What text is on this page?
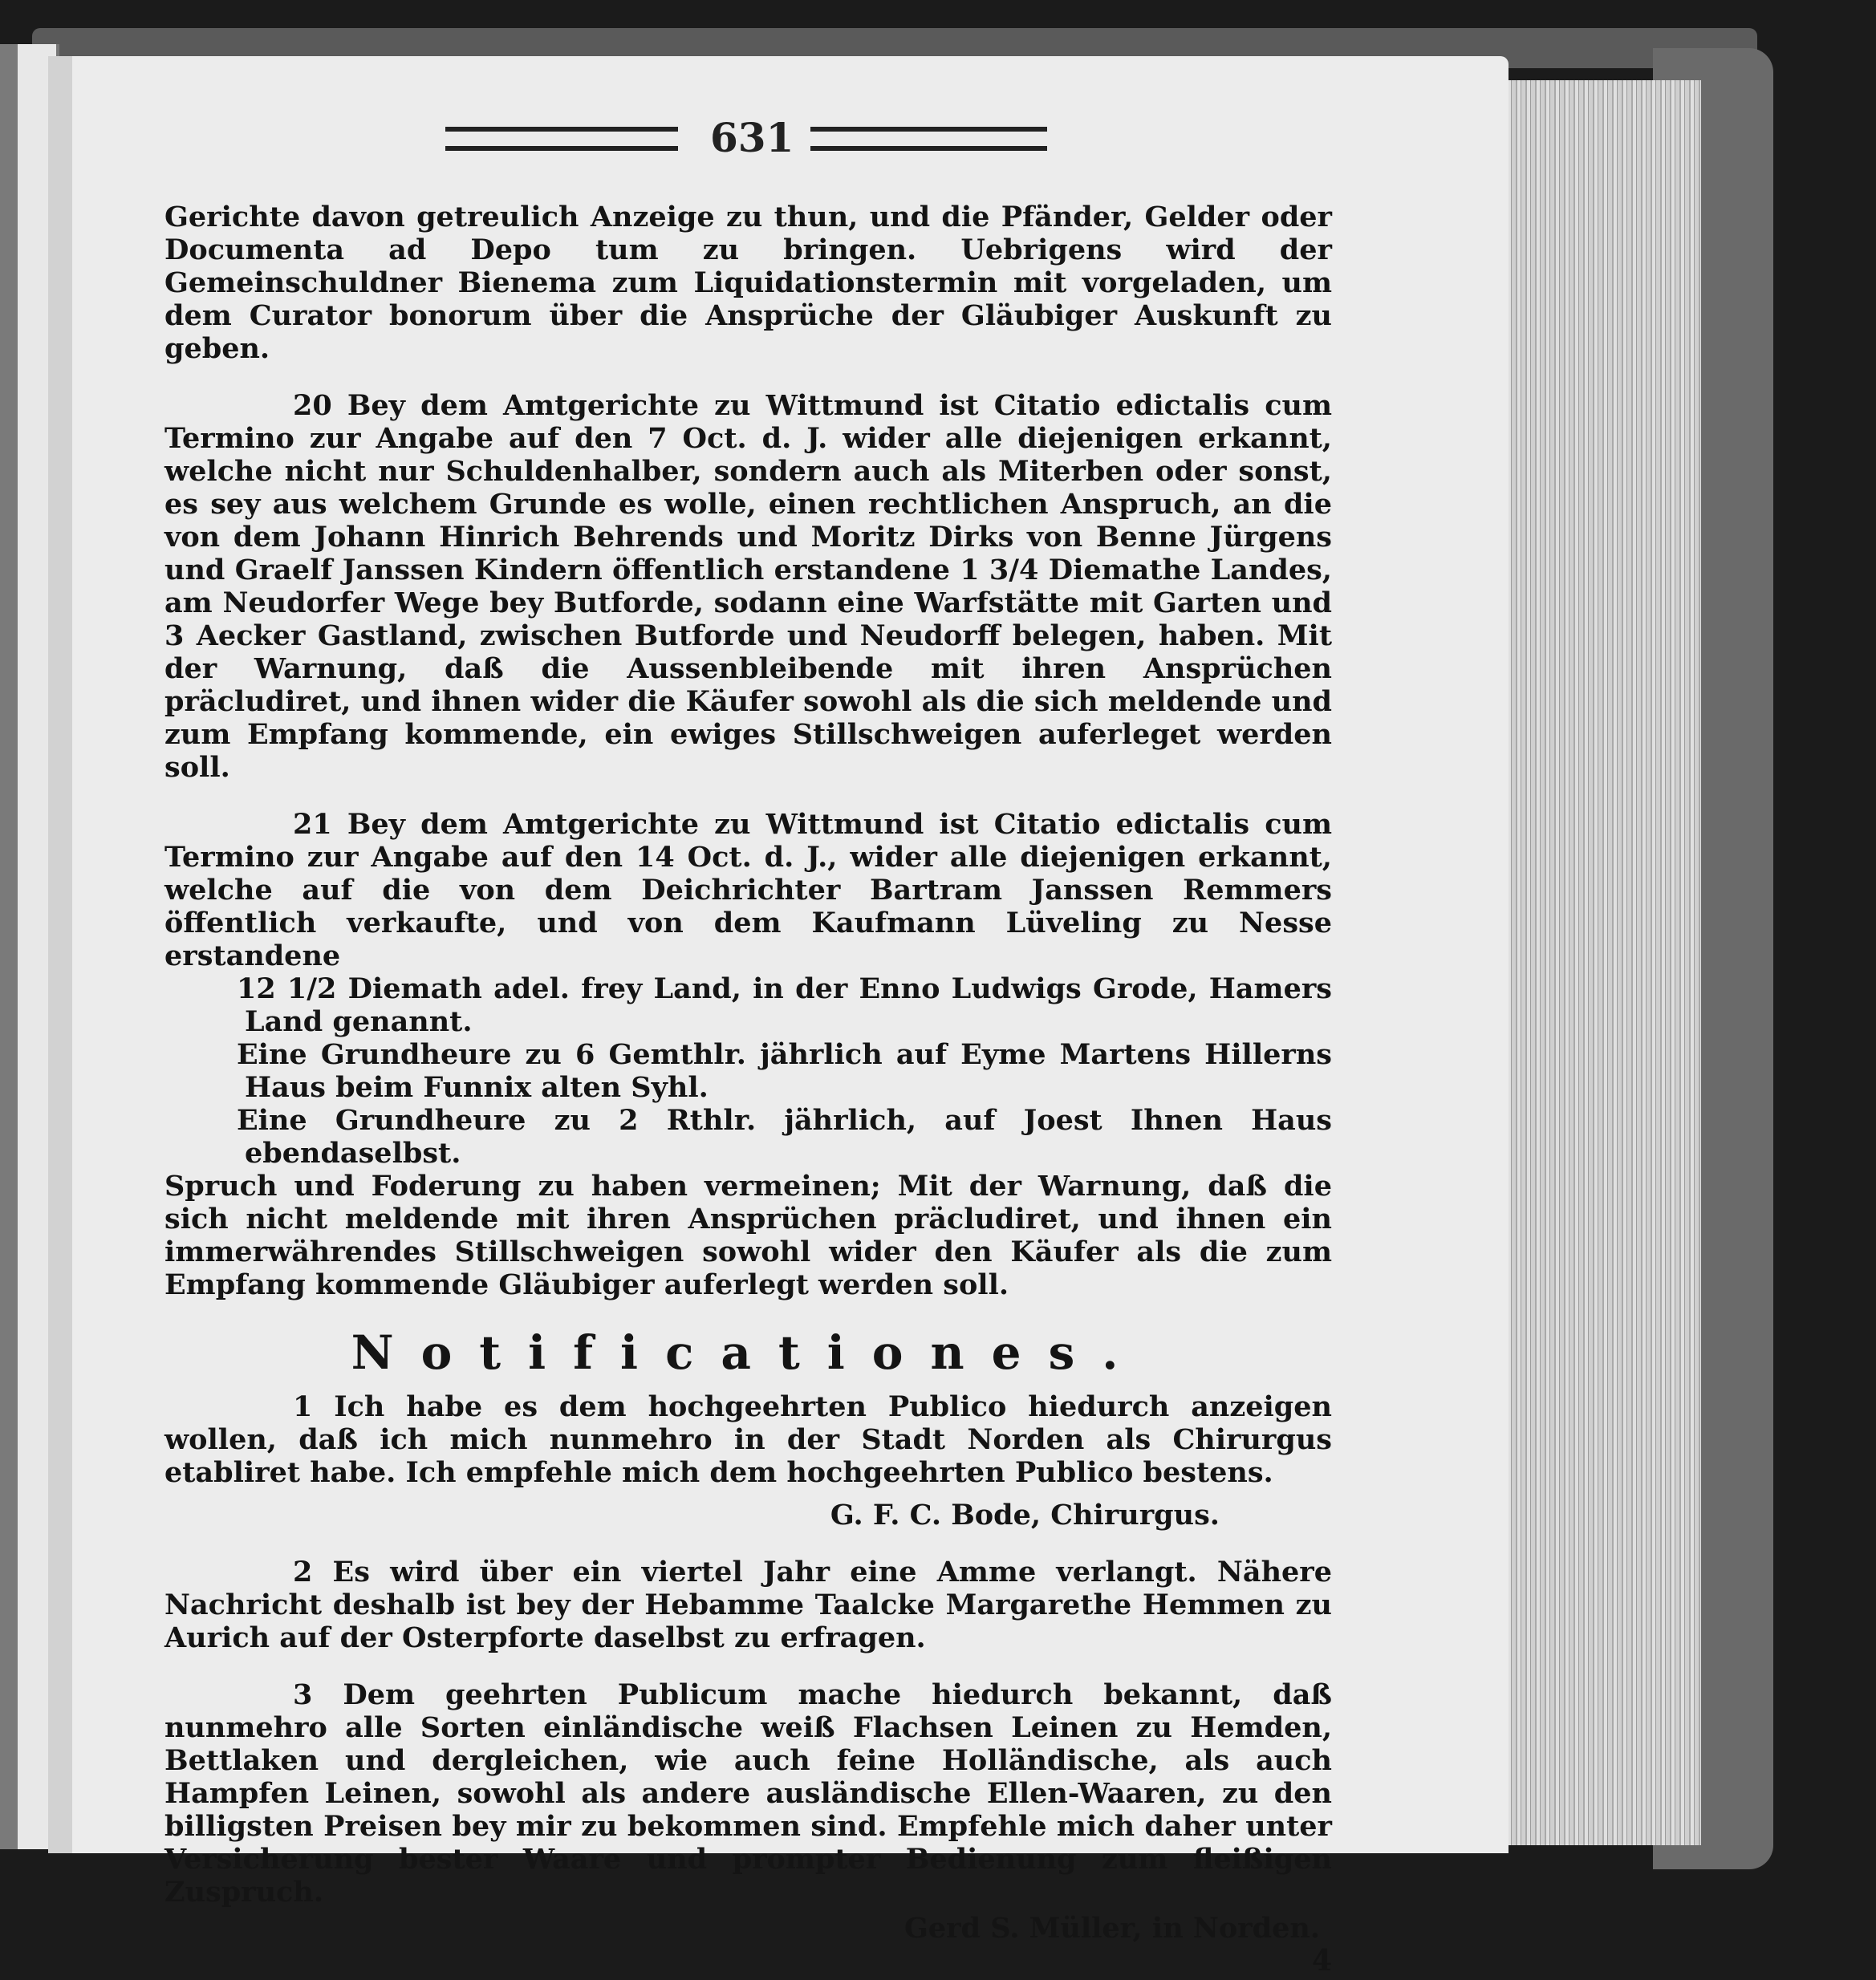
631

Gerichte davon getreulich Anzeige zu thun, und die Pfänder, Gelder oder Documenta ad Depo tum zu bringen. Uebrigens wird der Gemeinschuldner Bienema zum Liquidationstermin mit vorgeladen, um dem Curator bonorum über die Ansprüche der Gläubiger Auskunft zu geben.

20 Bey dem Amtgerichte zu Wittmund ist Citatio edictalis cum Termino zur Angabe auf den 7 Oct. d. J. wider alle diejenigen erkannt, welche nicht nur Schuldenhalber, sondern auch als Miterben oder sonst, es sey aus welchem Grunde es wolle, einen rechtlichen Anspruch, an die von dem Johann Hinrich Behrends und Moritz Dirks von Benne Jürgens und Graelf Janssen Kindern öffentlich erstandene 1 3/4 Diemathe Landes, am Neudorfer Wege bey Butforde, sodann eine Warfstätte mit Garten und 3 Aecker Gastland, zwischen Butforde und Neudorff belegen, haben. Mit der Warnung, daß die Aussenbleibende mit ihren Ansprüchen präcludiret, und ihnen wider die Käufer sowohl als die sich meldende und zum Empfang kommende, ein ewiges Stillschweigen auferleget werden soll.

21 Bey dem Amtgerichte zu Wittmund ist Citatio edictalis cum Termino zur Angabe auf den 14 Oct. d. J., wider alle diejenigen erkannt, welche auf die von dem Deichrichter Bartram Janssen Remmers öffentlich verkaufte, und von dem Kaufmann Lüveling zu Nesse erstandene

12 1/2 Diemath adel. frey Land, in der Enno Ludwigs Grode, Hamers Land genannt.

Eine Grundheure zu 6 Gemthlr. jährlich auf Eyme Martens Hillerns Haus beim Funnix alten Syhl.

Eine Grundheure zu 2 Rthlr. jährlich, auf Joest Ihnen Haus ebendaselbst.

Spruch und Foderung zu haben vermeinen; Mit der Warnung, daß die sich nicht meldende mit ihren Ansprüchen präcludiret, und ihnen ein immerwährendes Stillschweigen sowohl wider den Käufer als die zum Empfang kommende Gläubiger auferlegt werden soll.

Notificationes.

1 Ich habe es dem hochgeehrten Publico hiedurch anzeigen wollen, daß ich mich nunmehro in der Stadt Norden als Chirurgus etabliret habe. Ich empfehle mich dem hochgeehrten Publico bestens.

G. F. C. Bode, Chirurgus.

2 Es wird über ein viertel Jahr eine Amme verlangt. Nähere Nachricht deshalb ist bey der Hebamme Taalcke Margarethe Hemmen zu Aurich auf der Osterpforte daselbst zu erfragen.

3 Dem geehrten Publicum mache hiedurch bekannt, daß nunmehro alle Sorten einländische weiß Flachsen Leinen zu Hemden, Bettlaken und dergleichen, wie auch feine Holländische, als auch Hampfen Leinen, sowohl als andere ausländische Ellen-Waaren, zu den billigsten Preisen bey mir zu bekommen sind. Empfehle mich daher unter Versicherung bester Waare und prompter Bedienung zum fleißigen Zuspruch.

Gerd S. Müller, in Norden.
4
